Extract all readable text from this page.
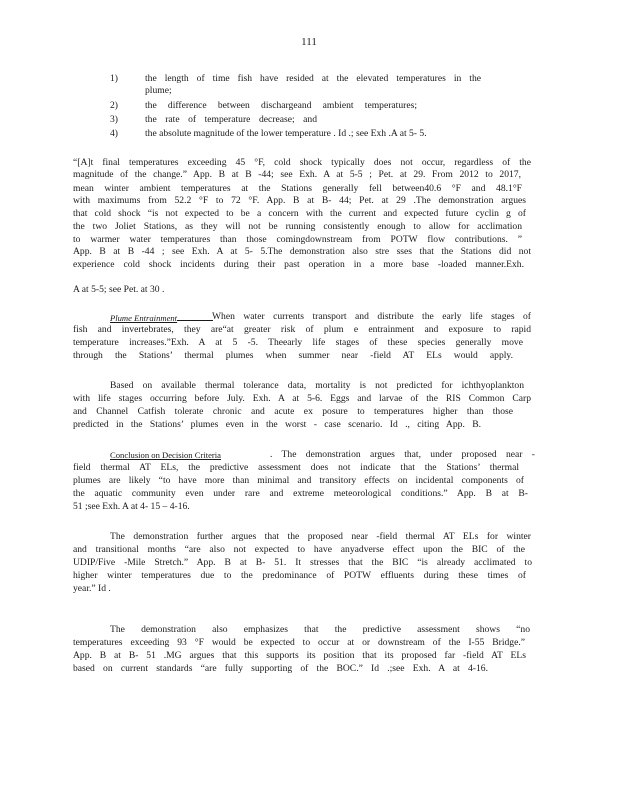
111
1)	the length of time fish have resided at the elevated temperatures in the
plume;
2)	the difference between dischargeand ambient temperatures;
3)	the rate of temperature decrease; and
4)	the absolute magnitude of the lower temperature . Id .; see Exh .A at 5- 5.
“[A]t final temperatures exceeding 45 °F, cold shock typically does not occur, regardless of the
magnitude of the change.” App. B at B -44; see Exh. A at 5-5 ; Pet. at 29. From 2012 to 2017,
mean winter ambient temperatures at the Stations generally fell between40.6 °F and 48.1°F
with maximums from 52.2 °F to 72 °F. App. B at B- 44; Pet. at 29 .The demonstration argues
that cold shock “is not expected to be a concern with the current and expected future cyclin g of
the two Joliet Stations, as they will not be running consistently enough to allow for acclimation
to warmer water temperatures than those comingdownstream from POTW flow contributions. ”
App. B at B -44 ; see Exh. A at 5- 5.The demonstration also stre sses that the Stations did not
experience cold shock incidents during their past operation in a more base -loaded manner.Exh.
A at 5-5; see Pet. at 30 .
Plume Entrainment	When water currents transport and distribute the early life stages of
fish and invertebrates, they are“at greater risk of plum e entrainment and exposure to rapid
temperature increases.”Exh. A at 5 -5. Theearly life stages of these species generally move
through the Stations’ thermal plumes when summer near -field AT ELs would apply.
Based on available thermal tolerance data, mortality is not predicted for ichthyoplankton
with life stages occurring before July. Exh. A at 5-6. Eggs and larvae of the RIS Common Carp
and Channel Catfish tolerate chronic and acute ex posure to temperatures higher than those
predicted in the Stations’ plumes even in the worst - case scenario. Id ., citing App. B.
Conclusion on Decision Criteria	. The demonstration argues that, under proposed near -
field thermal AT ELs, the predictive assessment does not indicate that the Stations’ thermal
plumes are likely “to have more than minimal and transitory effects on incidental components of
the aquatic community even under rare and extreme meteorological conditions.” App. B at B-
51 ;see Exh. A at 4- 15 – 4-16.
The demonstration further argues that the proposed near -field thermal AT ELs for winter
and transitional months “are also not expected to have anyadverse effect upon the BIC of the
UDIP/Five -Mile Stretch.” App. B at B- 51. It stresses that the BIC “is already acclimated to
higher winter temperatures due to the predominance of POTW effluents during these times of
year.” Id .
The demonstration also emphasizes that the predictive assessment shows “no
temperatures exceeding 93 °F would be expected to occur at or downstream of the I-55 Bridge.”
App. B at B- 51 .MG argues that this supports its position that its proposed far -field AT ELs
based on current standards “are fully supporting of the BOC.” Id .;see Exh. A at 4-16.
